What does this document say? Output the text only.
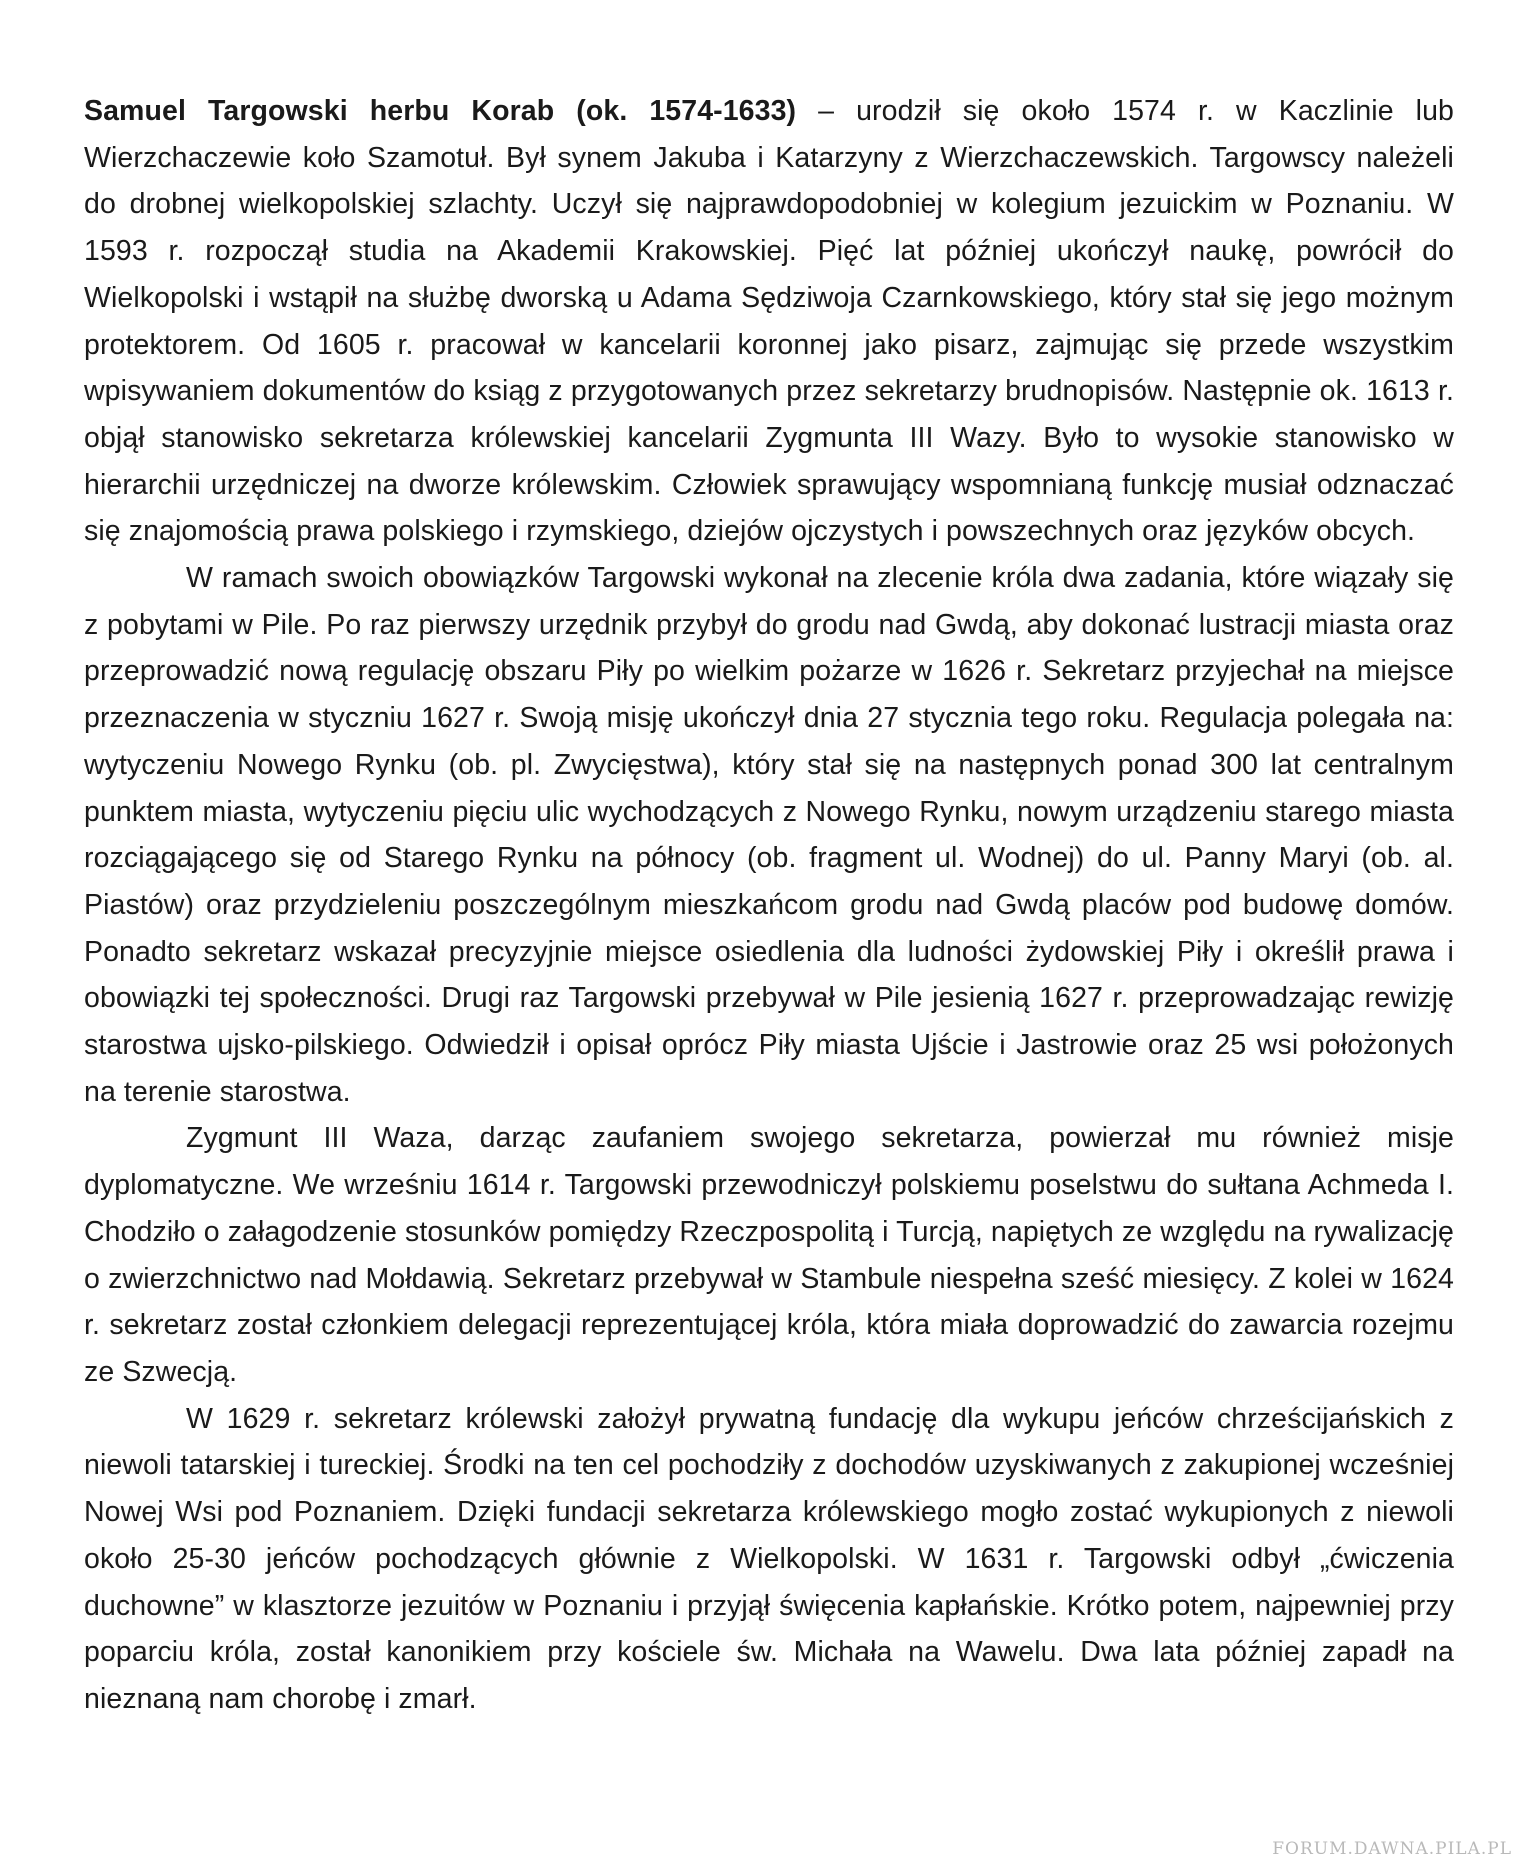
Samuel Targowski herbu Korab (ok. 1574-1633) – urodził się około 1574 r. w Kaczlinie lub Wierzchaczewie koło Szamotuł. Był synem Jakuba i Katarzyny z Wierzchaczewskich. Targowscy należeli do drobnej wielkopolskiej szlachty. Uczył się najprawdopodobniej w kolegium jezuickim w Poznaniu. W 1593 r. rozpoczął studia na Akademii Krakowskiej. Pięć lat później ukończył naukę, powrócił do Wielkopolski i wstąpił na służbę dworską u Adama Sędziwoja Czarnkowskiego, który stał się jego możnym protektorem. Od 1605 r. pracował w kancelarii koronnej jako pisarz, zajmując się przede wszystkim wpisywaniem dokumentów do ksiąg z przygotowanych przez sekretarzy brudnopisów. Następnie ok. 1613 r. objął stanowisko sekretarza królewskiej kancelarii Zygmunta III Wazy. Było to wysokie stanowisko w hierarchii urzędniczej na dworze królewskim. Człowiek sprawujący wspomnianą funkcję musiał odznaczać się znajomością prawa polskiego i rzymskiego, dziejów ojczystych i powszechnych oraz języków obcych.

W ramach swoich obowiązków Targowski wykonał na zlecenie króla dwa zadania, które wiązały się z pobytami w Pile. Po raz pierwszy urzędnik przybył do grodu nad Gwdą, aby dokonać lustracji miasta oraz przeprowadzić nową regulację obszaru Piły po wielkim pożarze w 1626 r. Sekretarz przyjechał na miejsce przeznaczenia w styczniu 1627 r. Swoją misję ukończył dnia 27 stycznia tego roku. Regulacja polegała na: wytyczeniu Nowego Rynku (ob. pl. Zwycięstwa), który stał się na następnych ponad 300 lat centralnym punktem miasta, wytyczeniu pięciu ulic wychodzących z Nowego Rynku, nowym urządzeniu starego miasta rozciągającego się od Starego Rynku na północy (ob. fragment ul. Wodnej) do ul. Panny Maryi (ob. al. Piastów) oraz przydzieleniu poszczególnym mieszkańcom grodu nad Gwdą placów pod budowę domów. Ponadto sekretarz wskazał precyzyjnie miejsce osiedlenia dla ludności żydowskiej Piły i określił prawa i obowiązki tej społeczności. Drugi raz Targowski przebywał w Pile jesienią 1627 r. przeprowadzając rewizję starostwa ujsko-pilskiego. Odwiedził i opisał oprócz Piły miasta Ujście i Jastrowie oraz 25 wsi położonych na terenie starostwa.

Zygmunt III Waza, darząc zaufaniem swojego sekretarza, powierzał mu również misje dyplomatyczne. We wrześniu 1614 r. Targowski przewodniczył polskiemu poselstwu do sułtana Achmeda I. Chodziło o załagodzenie stosunków pomiędzy Rzeczpospolitą i Turcją, napiętych ze względu na rywalizację o zwierzchnictwo nad Mołdawią. Sekretarz przebywał w Stambule niespełna sześć miesięcy. Z kolei w 1624 r. sekretarz został członkiem delegacji reprezentującej króla, która miała doprowadzić do zawarcia rozejmu ze Szwecją.

W 1629 r. sekretarz królewski założył prywatną fundację dla wykupu jeńców chrześcijańskich z niewoli tatarskiej i tureckiej. Środki na ten cel pochodziły z dochodów uzyskiwanych z zakupionej wcześniej Nowej Wsi pod Poznaniem. Dzięki fundacji sekretarza królewskiego mogło zostać wykupionych z niewoli około 25-30 jeńców pochodzących głównie z Wielkopolski. W 1631 r. Targowski odbył „ćwiczenia duchowne” w klasztorze jezuitów w Poznaniu i przyjął święcenia kapłańskie. Krótko potem, najpewniej przy poparciu króla, został kanonikiem przy kościele św. Michała na Wawelu. Dwa lata później zapadł na nieznaną nam chorobę i zmarł.

FORUM.DAWNA.PILA.PL
